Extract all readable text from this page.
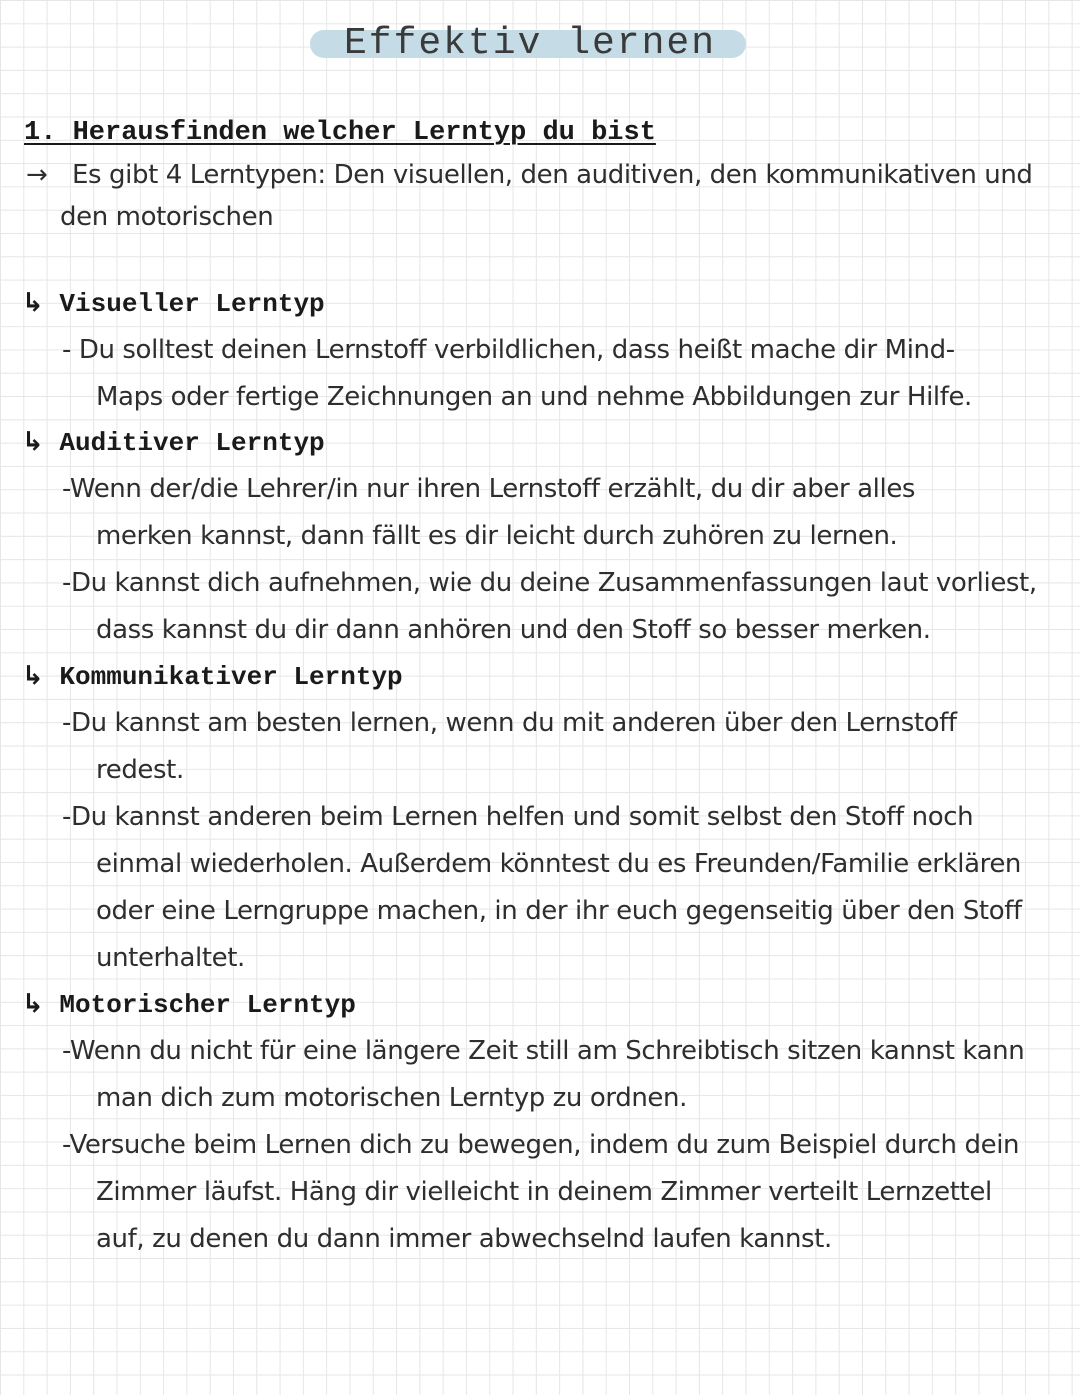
Effektiv lernen
1. Herausfinden welcher Lerntyp du bist
→ Es gibt 4 Lerntypen: Den visuellen, den auditiven, den kommunikativen und
den motorischen
↳ Visueller Lerntyp
- Du solltest deinen Lernstoff verbildlichen, dass heißt mache dir Mind-
Maps oder fertige Zeichnungen an und nehme Abbildungen zur Hilfe.
↳ Auditiver Lerntyp
-Wenn der/die Lehrer/in nur ihren Lernstoff erzählt, du dir aber alles
merken kannst, dann fällt es dir leicht durch zuhören zu lernen.
-Du kannst dich aufnehmen, wie du deine Zusammenfassungen laut vorliest,
dass kannst du dir dann anhören und den Stoff so besser merken.
↳ Kommunikativer Lerntyp
-Du kannst am besten lernen, wenn du mit anderen über den Lernstoff
redest.
-Du kannst anderen beim Lernen helfen und somit selbst den Stoff noch
einmal wiederholen. Außerdem könntest du es Freunden/Familie erklären
oder eine Lerngruppe machen, in der ihr euch gegenseitig über den Stoff
unterhaltet.
↳ Motorischer Lerntyp
-Wenn du nicht für eine längere Zeit still am Schreibtisch sitzen kannst kann
man dich zum motorischen Lerntyp zu ordnen.
-Versuche beim Lernen dich zu bewegen, indem du zum Beispiel durch dein
Zimmer läufst. Häng dir vielleicht in deinem Zimmer verteilt Lernzettel
auf, zu denen du dann immer abwechselnd laufen kannst.
